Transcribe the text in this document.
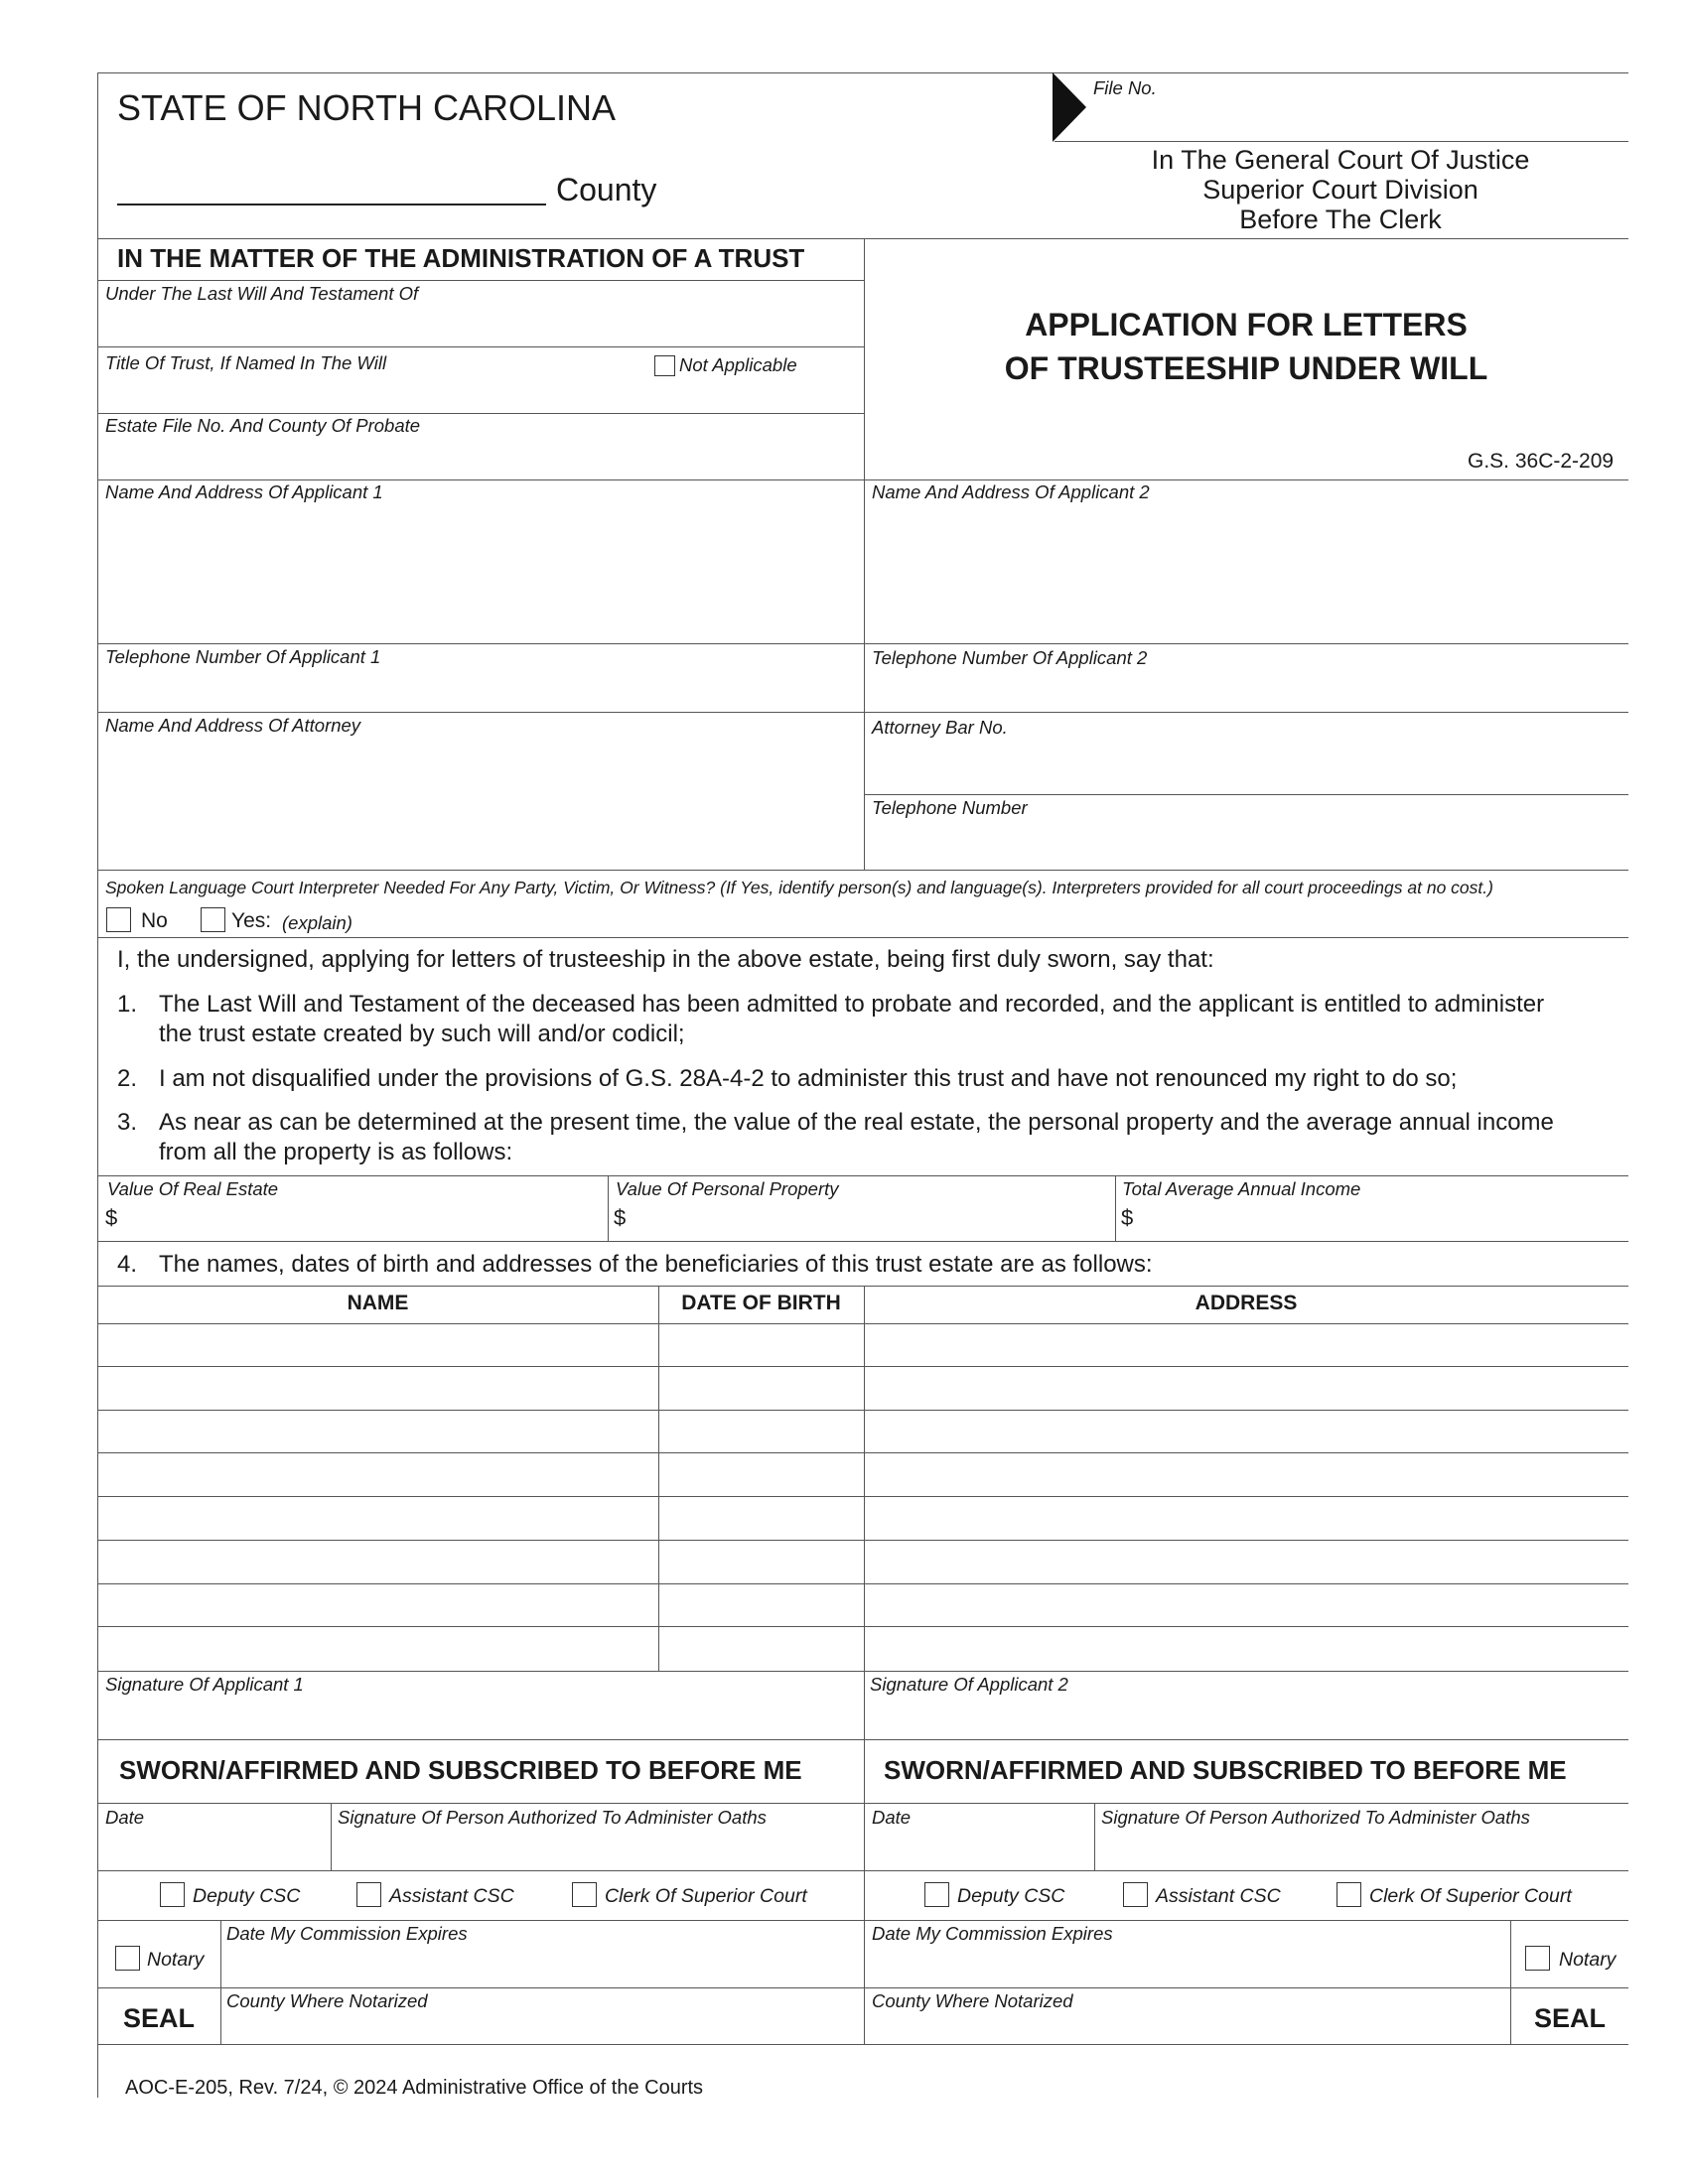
STATE OF NORTH CAROLINA
County
File No.
In The General Court Of Justice
Superior Court Division
Before The Clerk
IN THE MATTER OF THE ADMINISTRATION OF A TRUST
Under The Last Will And Testament Of
Title Of Trust, If Named In The Will	Not Applicable
Estate File No. And County Of Probate
APPLICATION FOR LETTERS
OF TRUSTEESHIP UNDER WILL
G.S. 36C-2-209
Name And Address Of Applicant 1	Name And Address Of Applicant 2
Telephone Number Of Applicant 1	Telephone Number Of Applicant 2
Name And Address Of Attorney	Attorney Bar No.
Telephone Number
Spoken Language Court Interpreter Needed For Any Party, Victim, Or Witness? (If Yes, identify person(s) and language(s). Interpreters provided for all court proceedings at no cost.)
No	Yes: (explain)
I, the undersigned, applying for letters of trusteeship in the above estate, being first duly sworn, say that:
1. The Last Will and Testament of the deceased has been admitted to probate and recorded, and the applicant is entitled to administer
the trust estate created by such will and/or codicil;
2. I am not disqualified under the provisions of G.S. 28A-4-2 to administer this trust and have not renounced my right to do so;
3. As near as can be determined at the present time, the value of the real estate, the personal property and the average annual income
from all the property is as follows:
Value Of Real Estate
$
Value Of Personal Property
$
Total Average Annual Income
$
4. The names, dates of birth and addresses of the beneficiaries of this trust estate are as follows:
NAME	DATE OF BIRTH	ADDRESS
Signature Of Applicant 1	Signature Of Applicant 2
SWORN/AFFIRMED AND SUBSCRIBED TO BEFORE ME	SWORN/AFFIRMED AND SUBSCRIBED TO BEFORE ME
Date	Signature Of Person Authorized To Administer Oaths	Date	Signature Of Person Authorized To Administer Oaths
Deputy CSC	Assistant CSC	Clerk Of Superior Court	Deputy CSC	Assistant CSC	Clerk Of Superior Court
Notary
Date My Commission Expires	Date My Commission Expires
Notary
SEAL
County Where Notarized	County Where Notarized
SEAL
AOC-E-205, Rev. 7/24, © 2024 Administrative Office of the Courts
